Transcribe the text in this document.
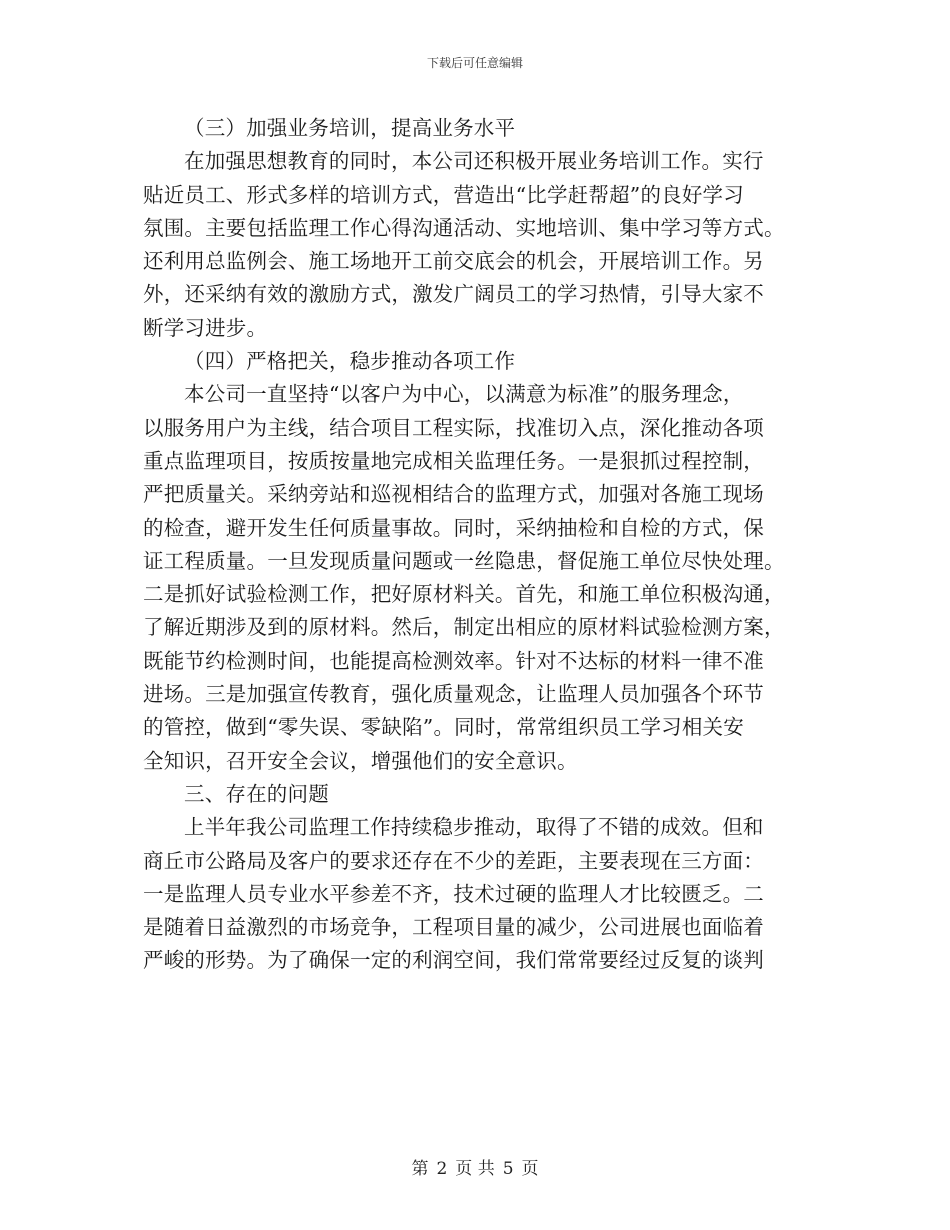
下载后可任意编辑
（三）加强业务培训，提高业务水平
在加强思想教育的同时，本公司还积极开展业务培训工作。实行
贴近员工、形式多样的培训方式，营造出“比学赶帮超”的良好学习
氛围。主要包括监理工作心得沟通活动、实地培训、集中学习等方式。
还利用总监例会、施工场地开工前交底会的机会，开展培训工作。另
外，还采纳有效的激励方式，激发广阔员工的学习热情，引导大家不
断学习进步。
（四）严格把关，稳步推动各项工作
本公司一直坚持“以客户为中心，以满意为标准”的服务理念，
以服务用户为主线，结合项目工程实际，找准切入点，深化推动各项
重点监理项目，按质按量地完成相关监理任务。一是狠抓过程控制，
严把质量关。采纳旁站和巡视相结合的监理方式，加强对各施工现场
的检查，避开发生任何质量事故。同时，采纳抽检和自检的方式，保
证工程质量。一旦发现质量问题或一丝隐患，督促施工单位尽快处理。
二是抓好试验检测工作，把好原材料关。首先，和施工单位积极沟通，
了解近期涉及到的原材料。然后，制定出相应的原材料试验检测方案，
既能节约检测时间，也能提高检测效率。针对不达标的材料一律不准
进场。三是加强宣传教育，强化质量观念，让监理人员加强各个环节
的管控，做到“零失误、零缺陷”。同时，常常组织员工学习相关安
全知识，召开安全会议，增强他们的安全意识。
三、存在的问题
上半年我公司监理工作持续稳步推动，取得了不错的成效。但和
商丘市公路局及客户的要求还存在不少的差距，主要表现在三方面：
一是监理人员专业水平参差不齐，技术过硬的监理人才比较匮乏。二
是随着日益激烈的市场竞争，工程项目量的减少，公司进展也面临着
严峻的形势。为了确保一定的利润空间，我们常常要经过反复的谈判
第 2 页 共 5 页
